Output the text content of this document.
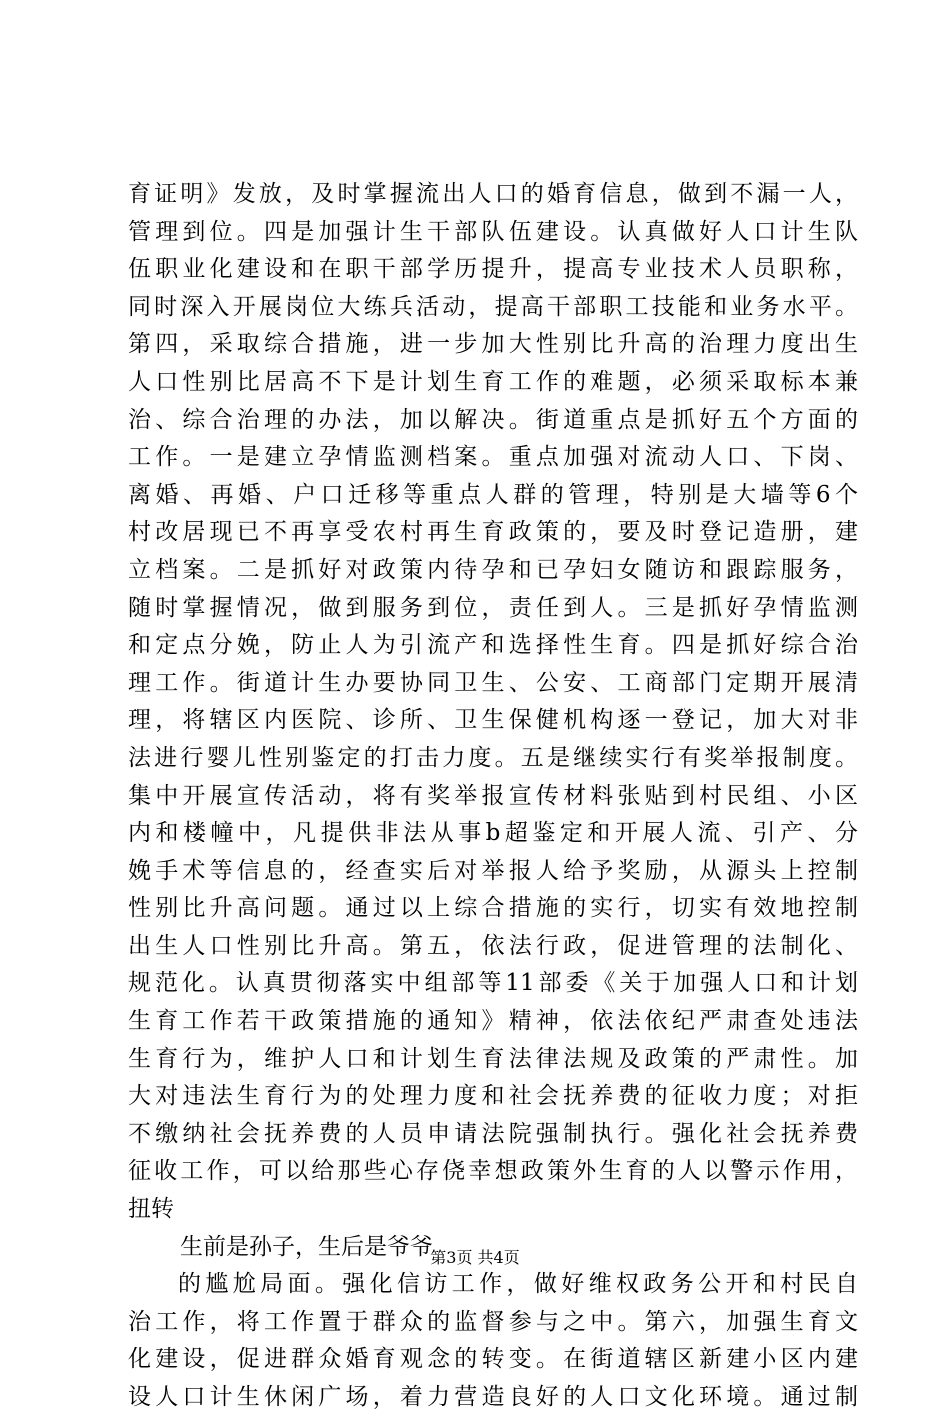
育证明》发放，及时掌握流出人口的婚育信息，做到不漏一人，
管理到位。四是加强计生干部队伍建设。认真做好人口计生队
伍职业化建设和在职干部学历提升，提高专业技术人员职称，
同时深入开展岗位大练兵活动，提高干部职工技能和业务水平。
第四，采取综合措施，进一步加大性别比升高的治理力度出生
人口性别比居高不下是计划生育工作的难题，必须采取标本兼
治、综合治理的办法，加以解决。街道重点是抓好五个方面的
工作。一是建立孕情监测档案。重点加强对流动人口、下岗、
离婚、再婚、户口迁移等重点人群的管理，特别是大墙等6个
村改居现已不再享受农村再生育政策的，要及时登记造册，建
立档案。二是抓好对政策内待孕和已孕妇女随访和跟踪服务，
随时掌握情况，做到服务到位，责任到人。三是抓好孕情监测
和定点分娩，防止人为引流产和选择性生育。四是抓好综合治
理工作。街道计生办要协同卫生、公安、工商部门定期开展清
理，将辖区内医院、诊所、卫生保健机构逐一登记，加大对非
法进行婴儿性别鉴定的打击力度。五是继续实行有奖举报制度。
集中开展宣传活动，将有奖举报宣传材料张贴到村民组、小区
内和楼幢中，凡提供非法从事b超鉴定和开展人流、引产、分
娩手术等信息的，经查实后对举报人给予奖励，从源头上控制
性别比升高问题。通过以上综合措施的实行，切实有效地控制
出生人口性别比升高。第五，依法行政，促进管理的法制化、
规范化。认真贯彻落实中组部等11部委《关于加强人口和计划
生育工作若干政策措施的通知》精神，依法依纪严肃查处违法
生育行为，维护人口和计划生育法律法规及政策的严肃性。加
大对违法生育行为的处理力度和社会抚养费的征收力度；对拒
不缴纳社会抚养费的人员申请法院强制执行。强化社会抚养费
征收工作，可以给那些心存侥幸想政策外生育的人以警示作用，
扭转
生前是孙子，生后是爷爷
的尴尬局面。强化信访工作，做好维权政务公开和村民自
治工作，将工作置于群众的监督参与之中。第六，加强生育文
化建设，促进群众婚育观念的转变。在街道辖区新建小区内建
设人口计生休闲广场，着力营造良好的人口文化环境。通过制
第3页 共4页
